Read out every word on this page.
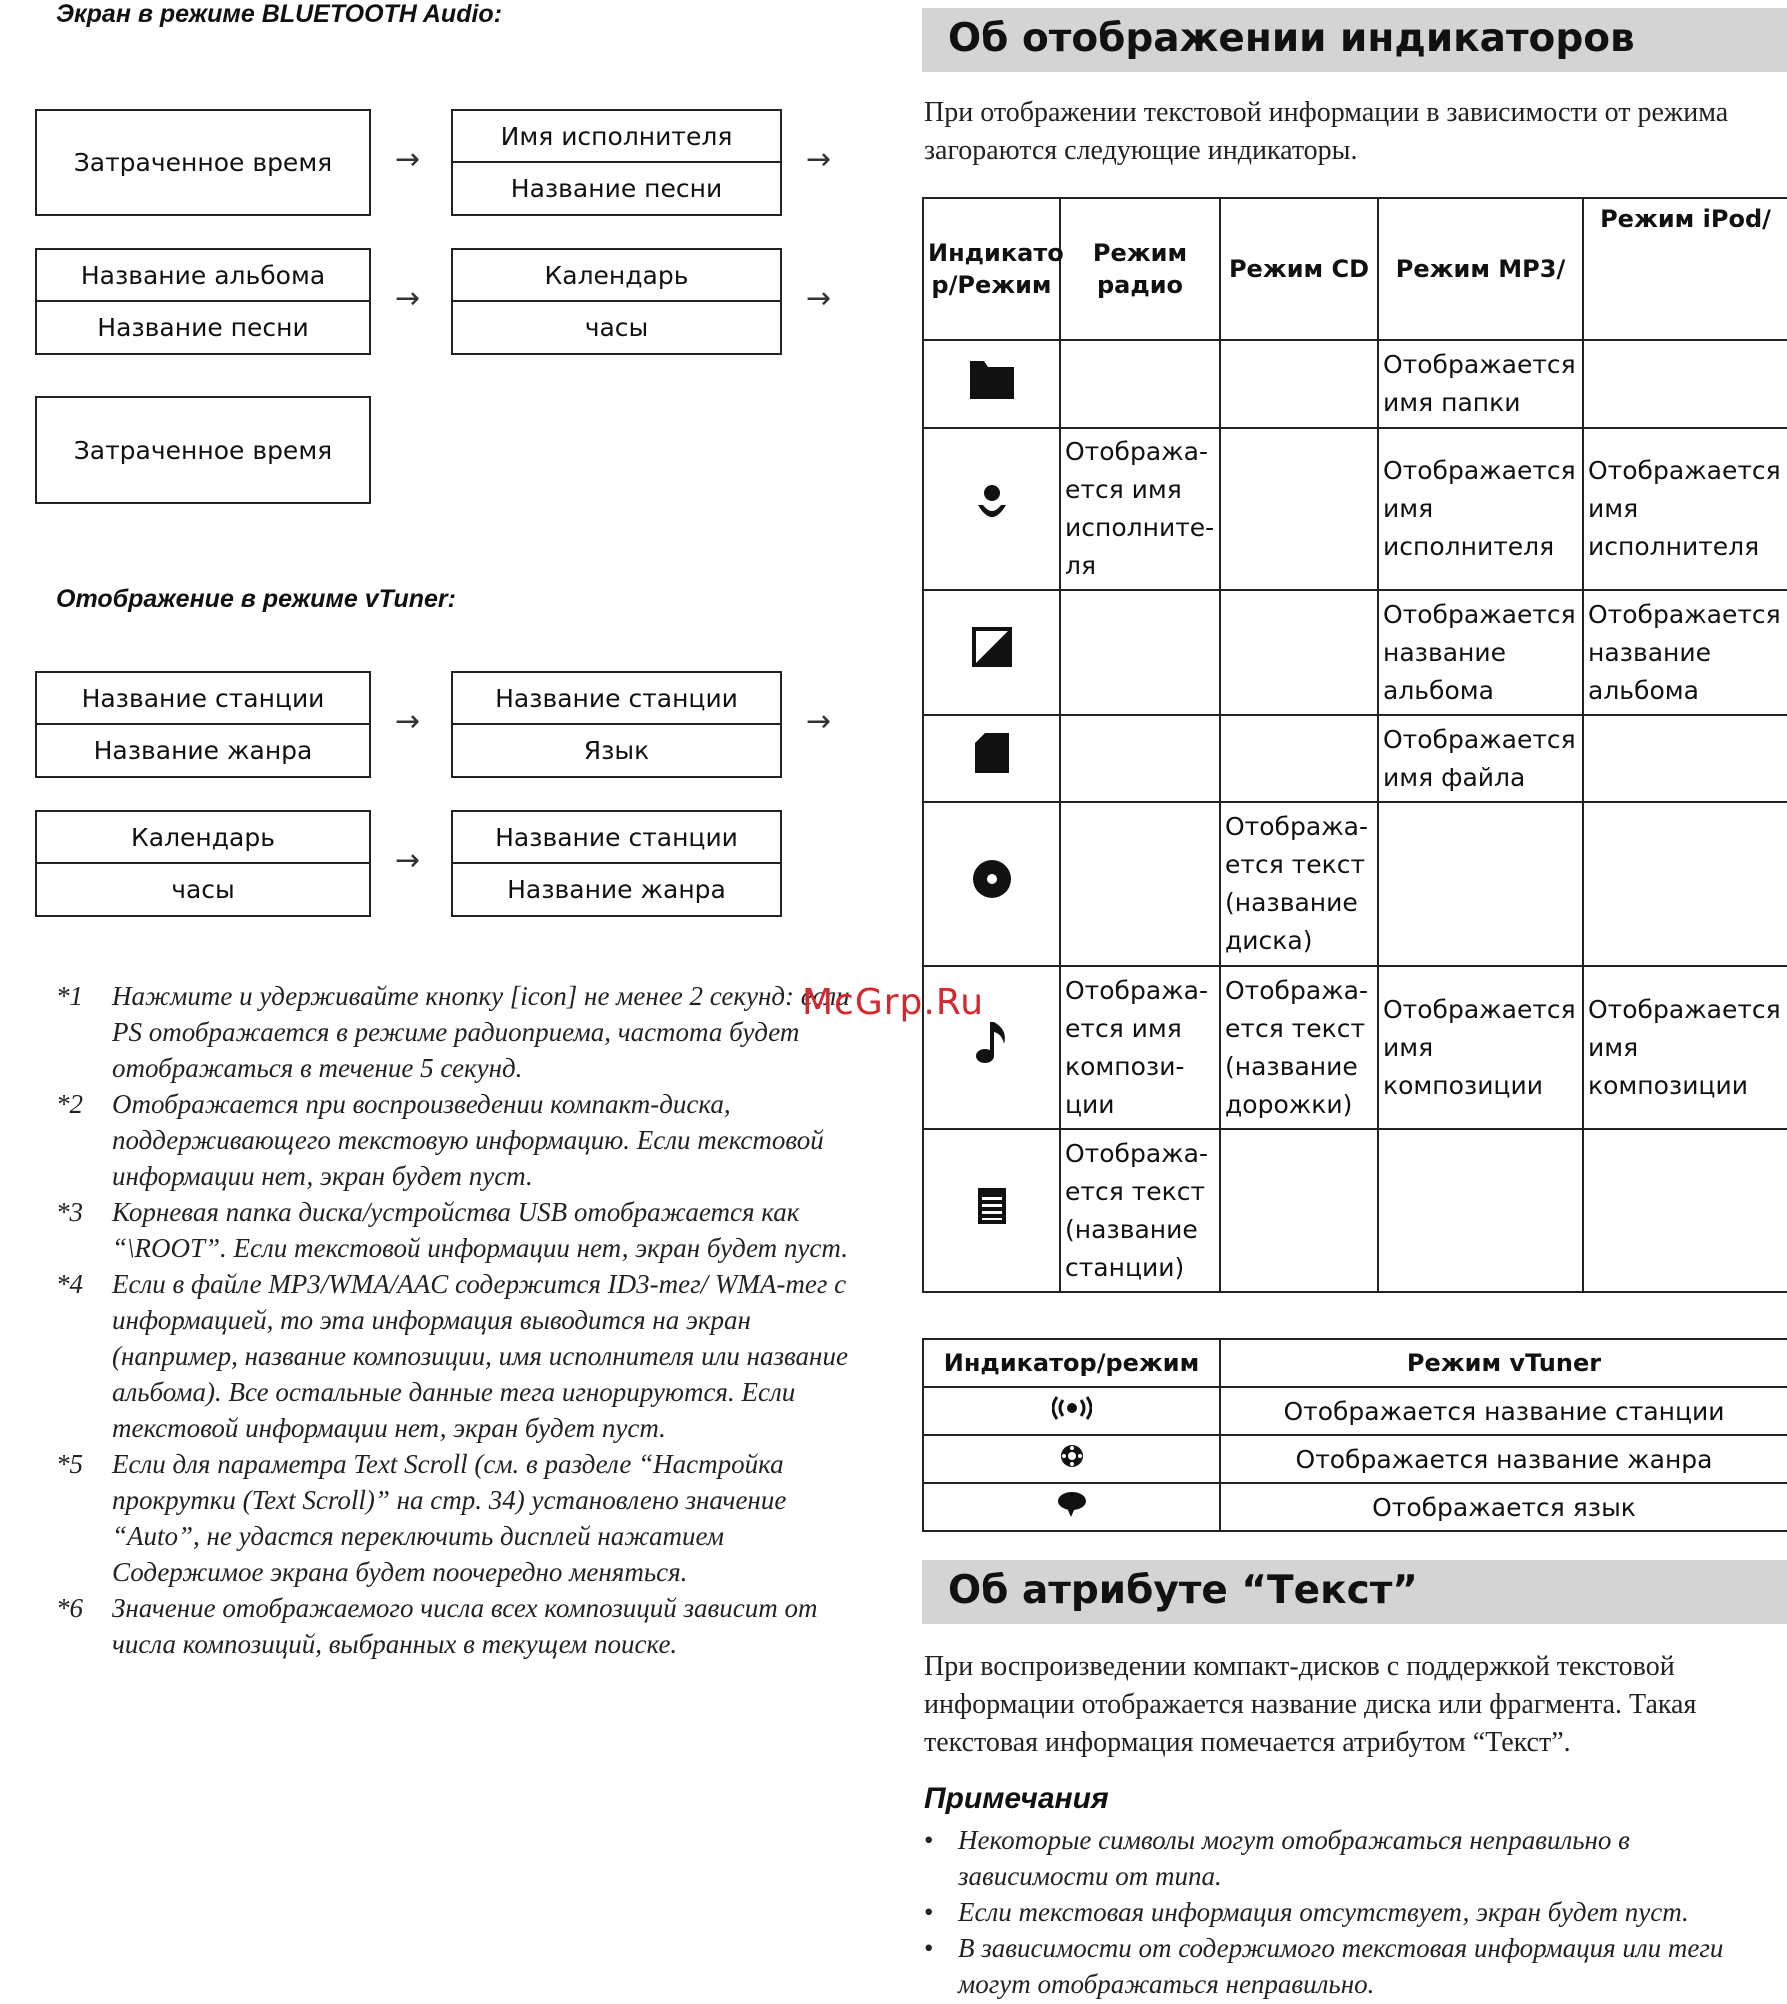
Экран в режиме BLUETOOTH Audio:
Затраченное время	→
Имя исполнителя
Название песни
→
Название альбома
Название песни
→
Календарь
часы
→
Затраченное время
Отображение в режиме vTuner:
Название станции
Название жанра
→
Название станции
Язык
→
Календарь
часы
→
Название станции
Название жанра
*1	Нажмите и удерживайте кнопку [icon] не менее 2 секунд: если PS отображается в режиме радиоприема, частота будет отображаться в течение 5 секунд.
*2	Отображается при воспроизведении компакт-диска, поддерживающего текстовую информацию. Если текстовой информации нет, экран будет пуст.
*3	Корневая папка диска/устройства USB отображается как “\ROOT”. Если текстовой информации нет, экран будет пуст.
*4	Если в файле MP3/WMA/AAC содержится ID3-тег/ WMA-тег с информацией, то эта информация выводится на экран (например, название композиции, имя исполнителя или название альбома). Все остальные данные тега игнорируются. Если текстовой информации нет, экран будет пуст.
*5	Если для параметра Text Scroll (см. в разделе “Настройка прокрутки (Text Scroll)” на стр. 34) установлено значение “Auto”, не удастся переключить дисплей нажатием Содержимое экрана будет поочередно меняться.
*6	Значение отображаемого числа всех композиций зависит от числа композиций, выбранных в текущем поиске.
McGrp.Ru
Об отображении индикаторов
При отображении текстовой информации в зависимости от режима загораются следующие индикаторы.
Индикато р/Режим	Режим радио	Режим CD	Режим MP3/	Режим iPod/
			Отображается имя папки	
	Отобража- ется имя исполните- ля		Отображается имя исполнителя	Отображается имя исполнителя
			Отображается название альбома	Отображается название альбома
			Отображается имя файла	
		Отобража- ется текст (название диска)		
	Отобража- ется имя компози- ции	Отобража- ется текст (название дорожки)	Отображается имя композиции	Отображается имя композиции
	Отобража- ется текст (название станции)			
Индикатор/режим	Режим vTuner
	Отображается название станции
	Отображается название жанра
	Отображается язык
Об атрибуте “Текст”
При воспроизведении компакт-дисков с поддержкой текстовой информации отображается название диска или фрагмента. Такая текстовая информация помечается атрибутом “Текст”.
Примечания
• Некоторые символы могут отображаться неправильно в зависимости от типа.
• Если текстовая информация отсутствует, экран будет пуст.
• В зависимости от содержимого текстовая информация или теги могут отображаться неправильно.
